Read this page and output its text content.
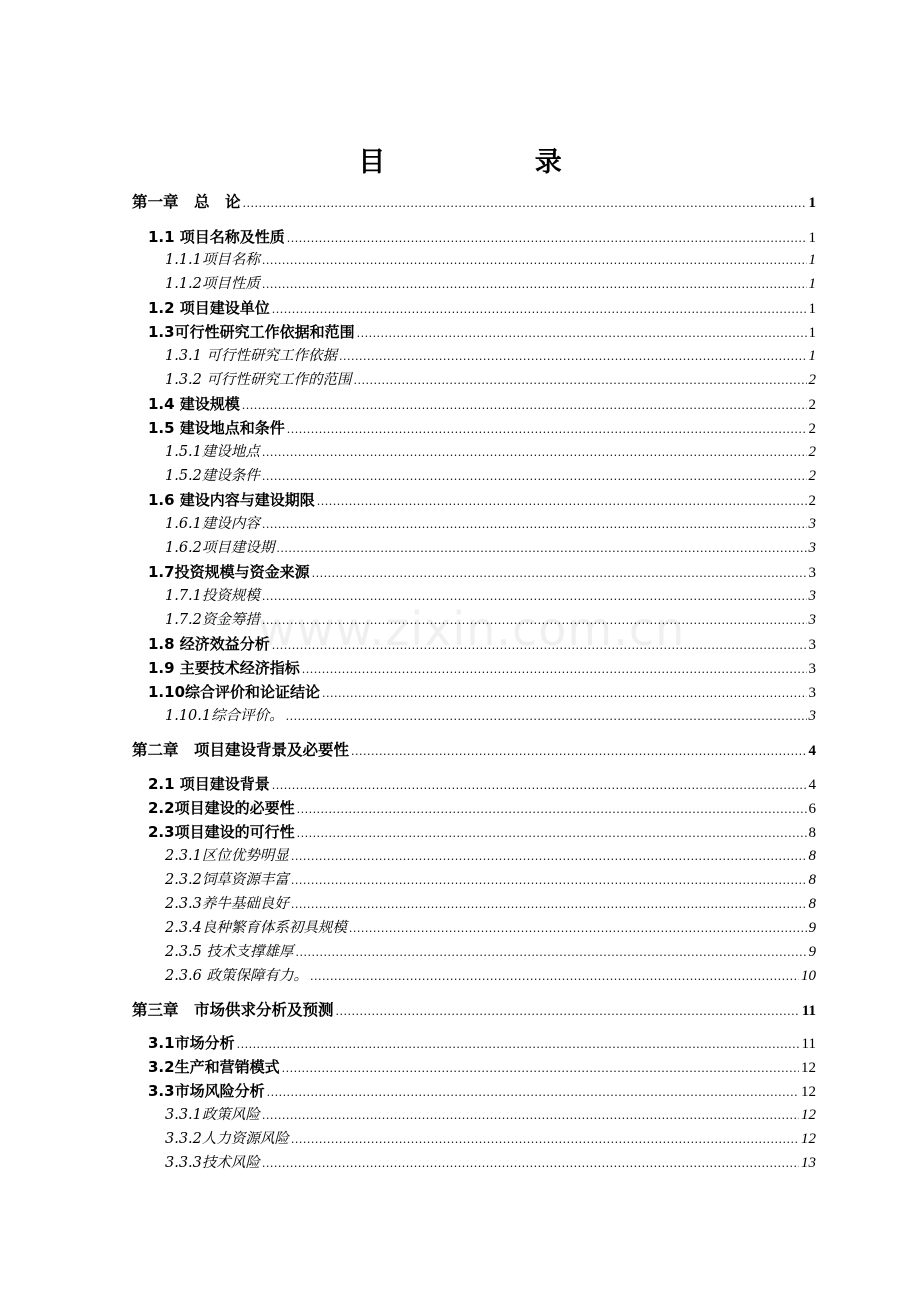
www.zixin.com.cn
目 录
第一章　总　论 .....	1
1.1 项目名称及性质 .....	1
1.1.1项目名称 .....	1
1.1.2项目性质 .....	1
1.2 项目建设单位 .....	1
1.3可行性研究工作依据和范围 .....	1
1.3.1 可行性研究工作依据 .....	1
1.3.2 可行性研究工作的范围 .....	2
1.4 建设规模 .....	2
1.5 建设地点和条件 .....	2
1.5.1建设地点 .....	2
1.5.2建设条件 .....	2
1.6 建设内容与建设期限 .....	2
1.6.1建设内容 .....	3
1.6.2项目建设期 .....	3
1.7投资规模与资金来源 .....	3
1.7.1投资规模 .....	3
1.7.2资金筹措 .....	3
1.8 经济效益分析 .....	3
1.9 主要技术经济指标 .....	3
1.10综合评价和论证结论 .....	3
1.10.1综合评价。 .....	3
第二章　项目建设背景及必要性 .....	4
2.1 项目建设背景 .....	4
2.2项目建设的必要性 .....	6
2.3项目建设的可行性 .....	8
2.3.1区位优势明显 .....	8
2.3.2饲草资源丰富 .....	8
2.3.3养牛基础良好 .....	8
2.3.4良种繁育体系初具规模 .....	9
2.3.5 技术支撑雄厚 .....	9
2.3.6 政策保障有力。 .....	10
第三章　市场供求分析及预测 .....	11
3.1市场分析 .....	11
3.2生产和营销模式 .....	12
3.3市场风险分析 .....	12
3.3.1政策风险 .....	12
3.3.2人力资源风险 .....	12
3.3.3技术风险 .....	13
